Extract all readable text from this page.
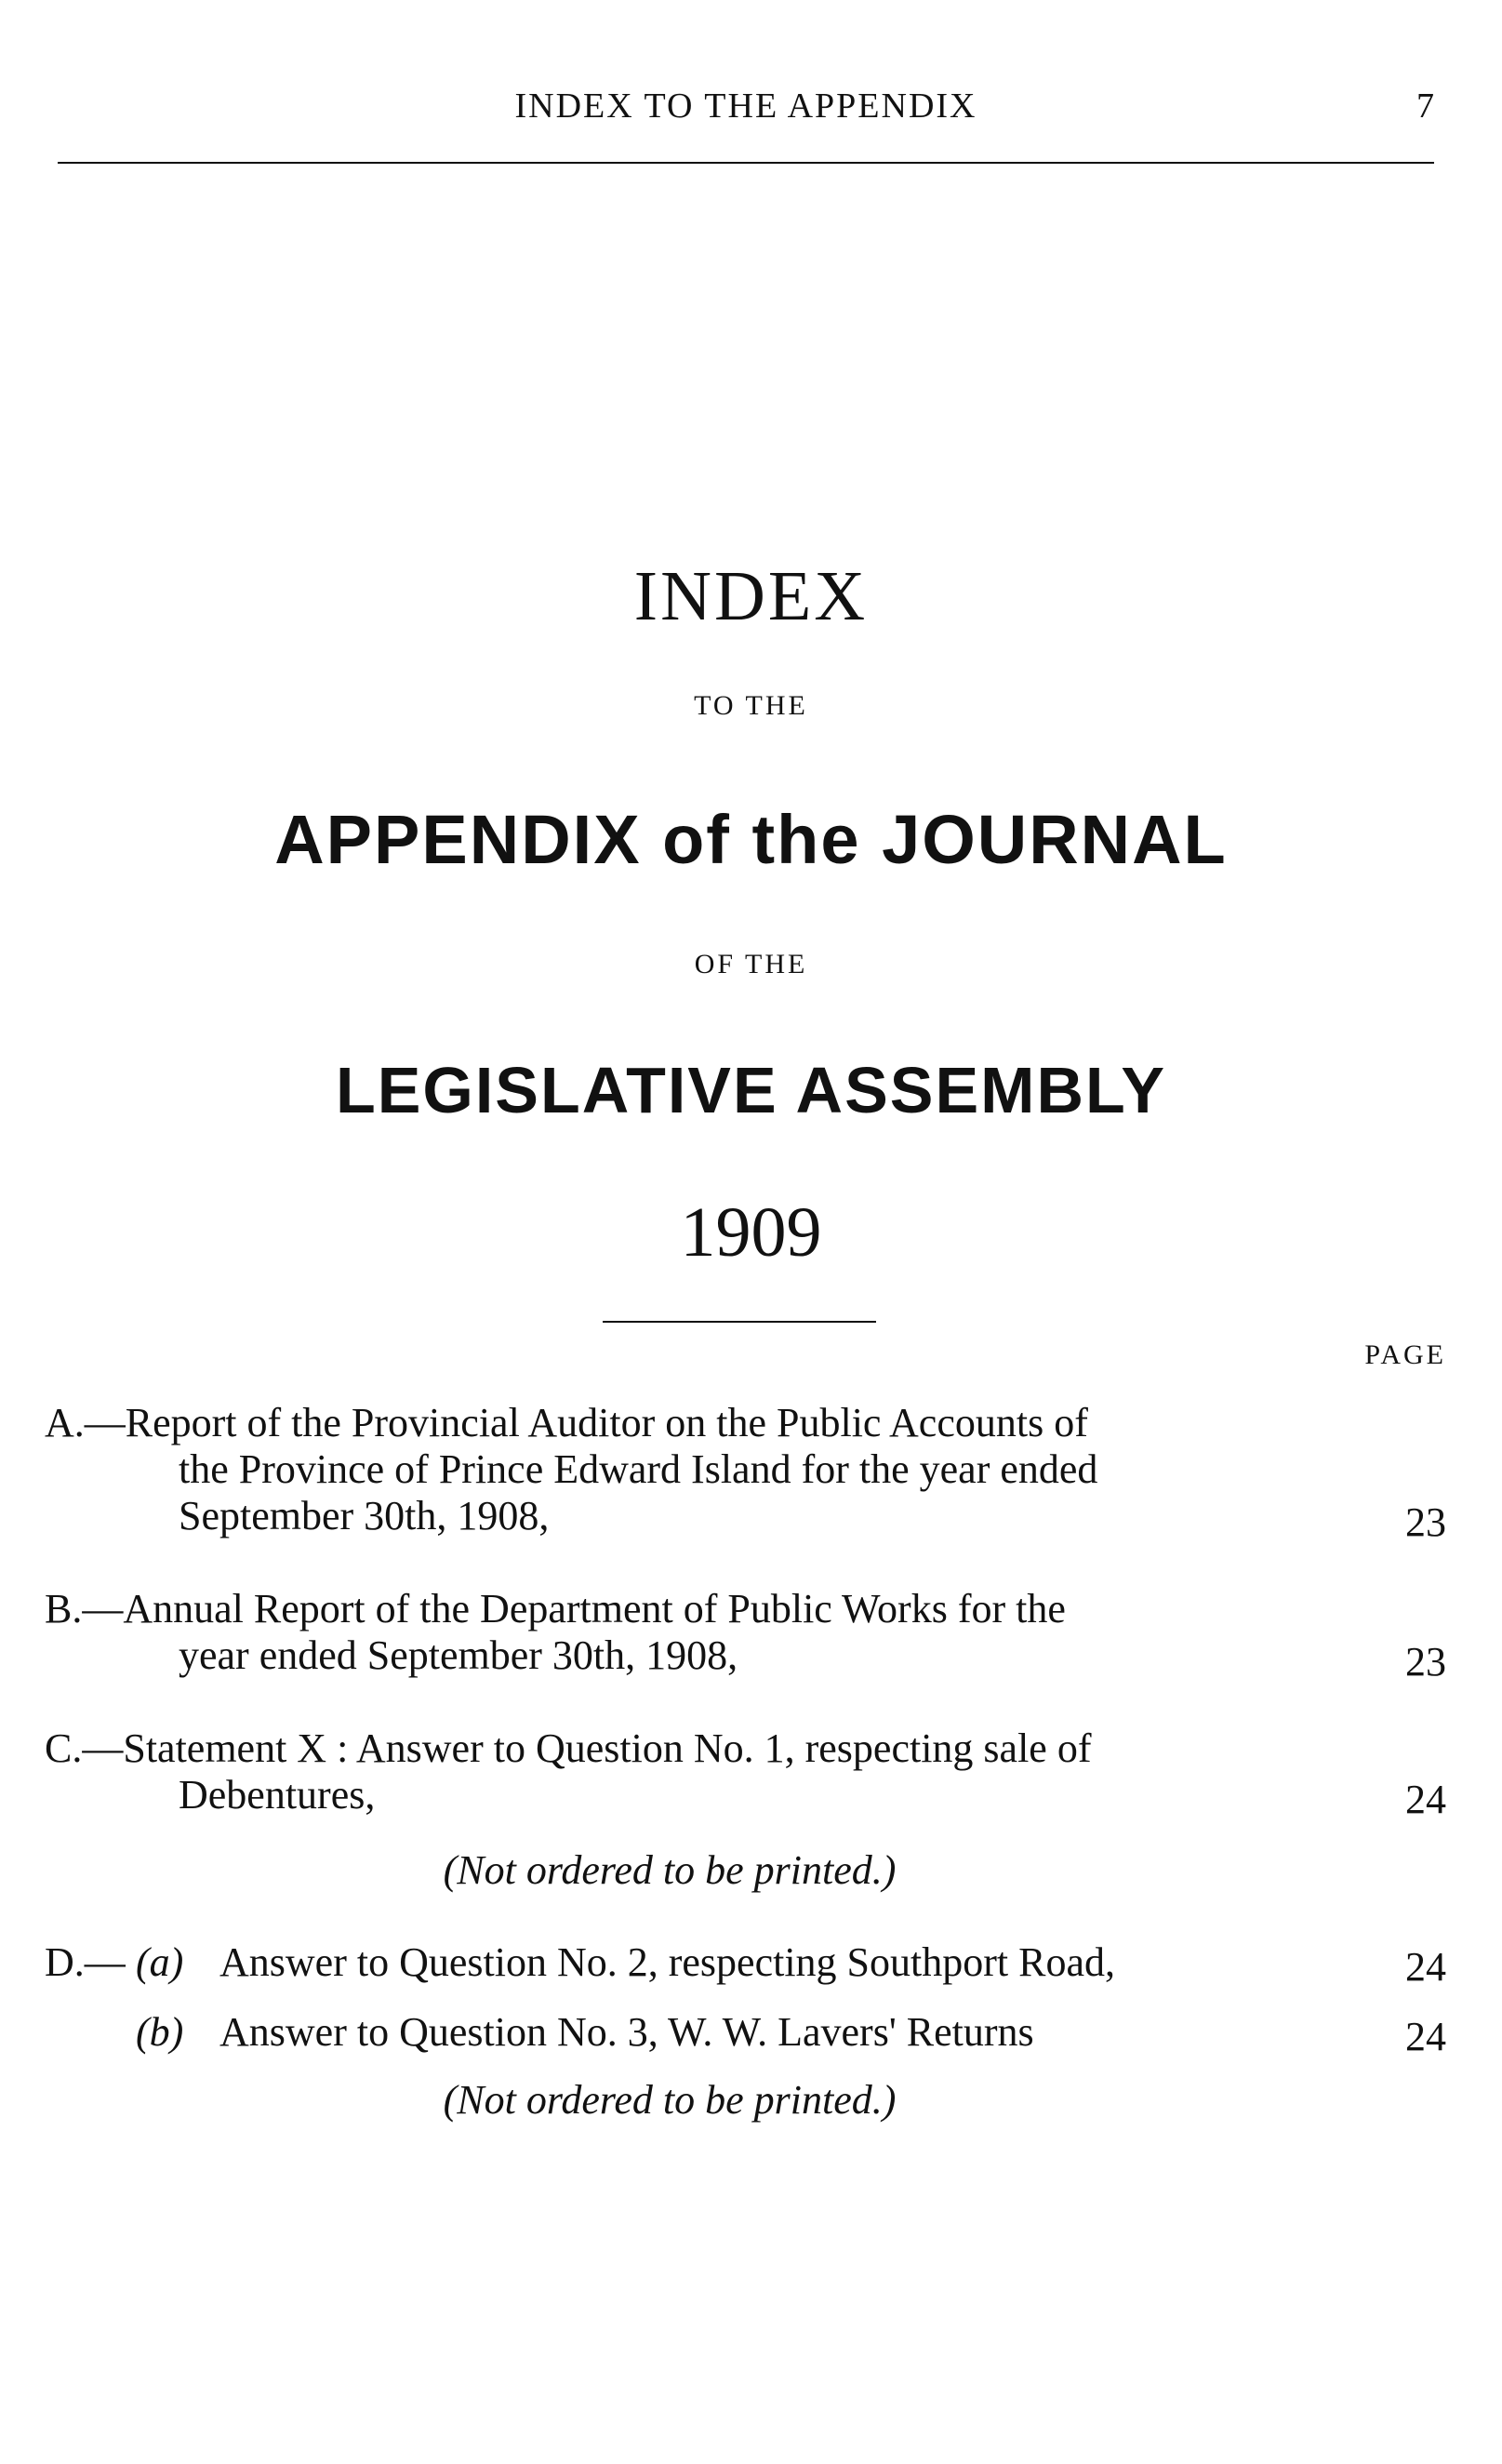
INDEX TO THE APPENDIX	7
INDEX
TO THE
APPENDIX of the JOURNAL
OF THE
LEGISLATIVE ASSEMBLY
1909
PAGE
A.—Report of the Provincial Auditor on the Public Accounts of
the Province of Prince Edward Island for the year ended
September 30th, 1908,	23
B.—Annual Report of the Department of Public Works for the
year ended September 30th, 1908,	23
C.—Statement X : Answer to Question No. 1, respecting sale of
Debentures,	24
(Not ordered to be printed.)
D.— (a) Answer to Question No. 2, respecting Southport Road,	24
(b) Answer to Question No. 3, W. W. Lavers' Returns	24
(Not ordered to be printed.)
